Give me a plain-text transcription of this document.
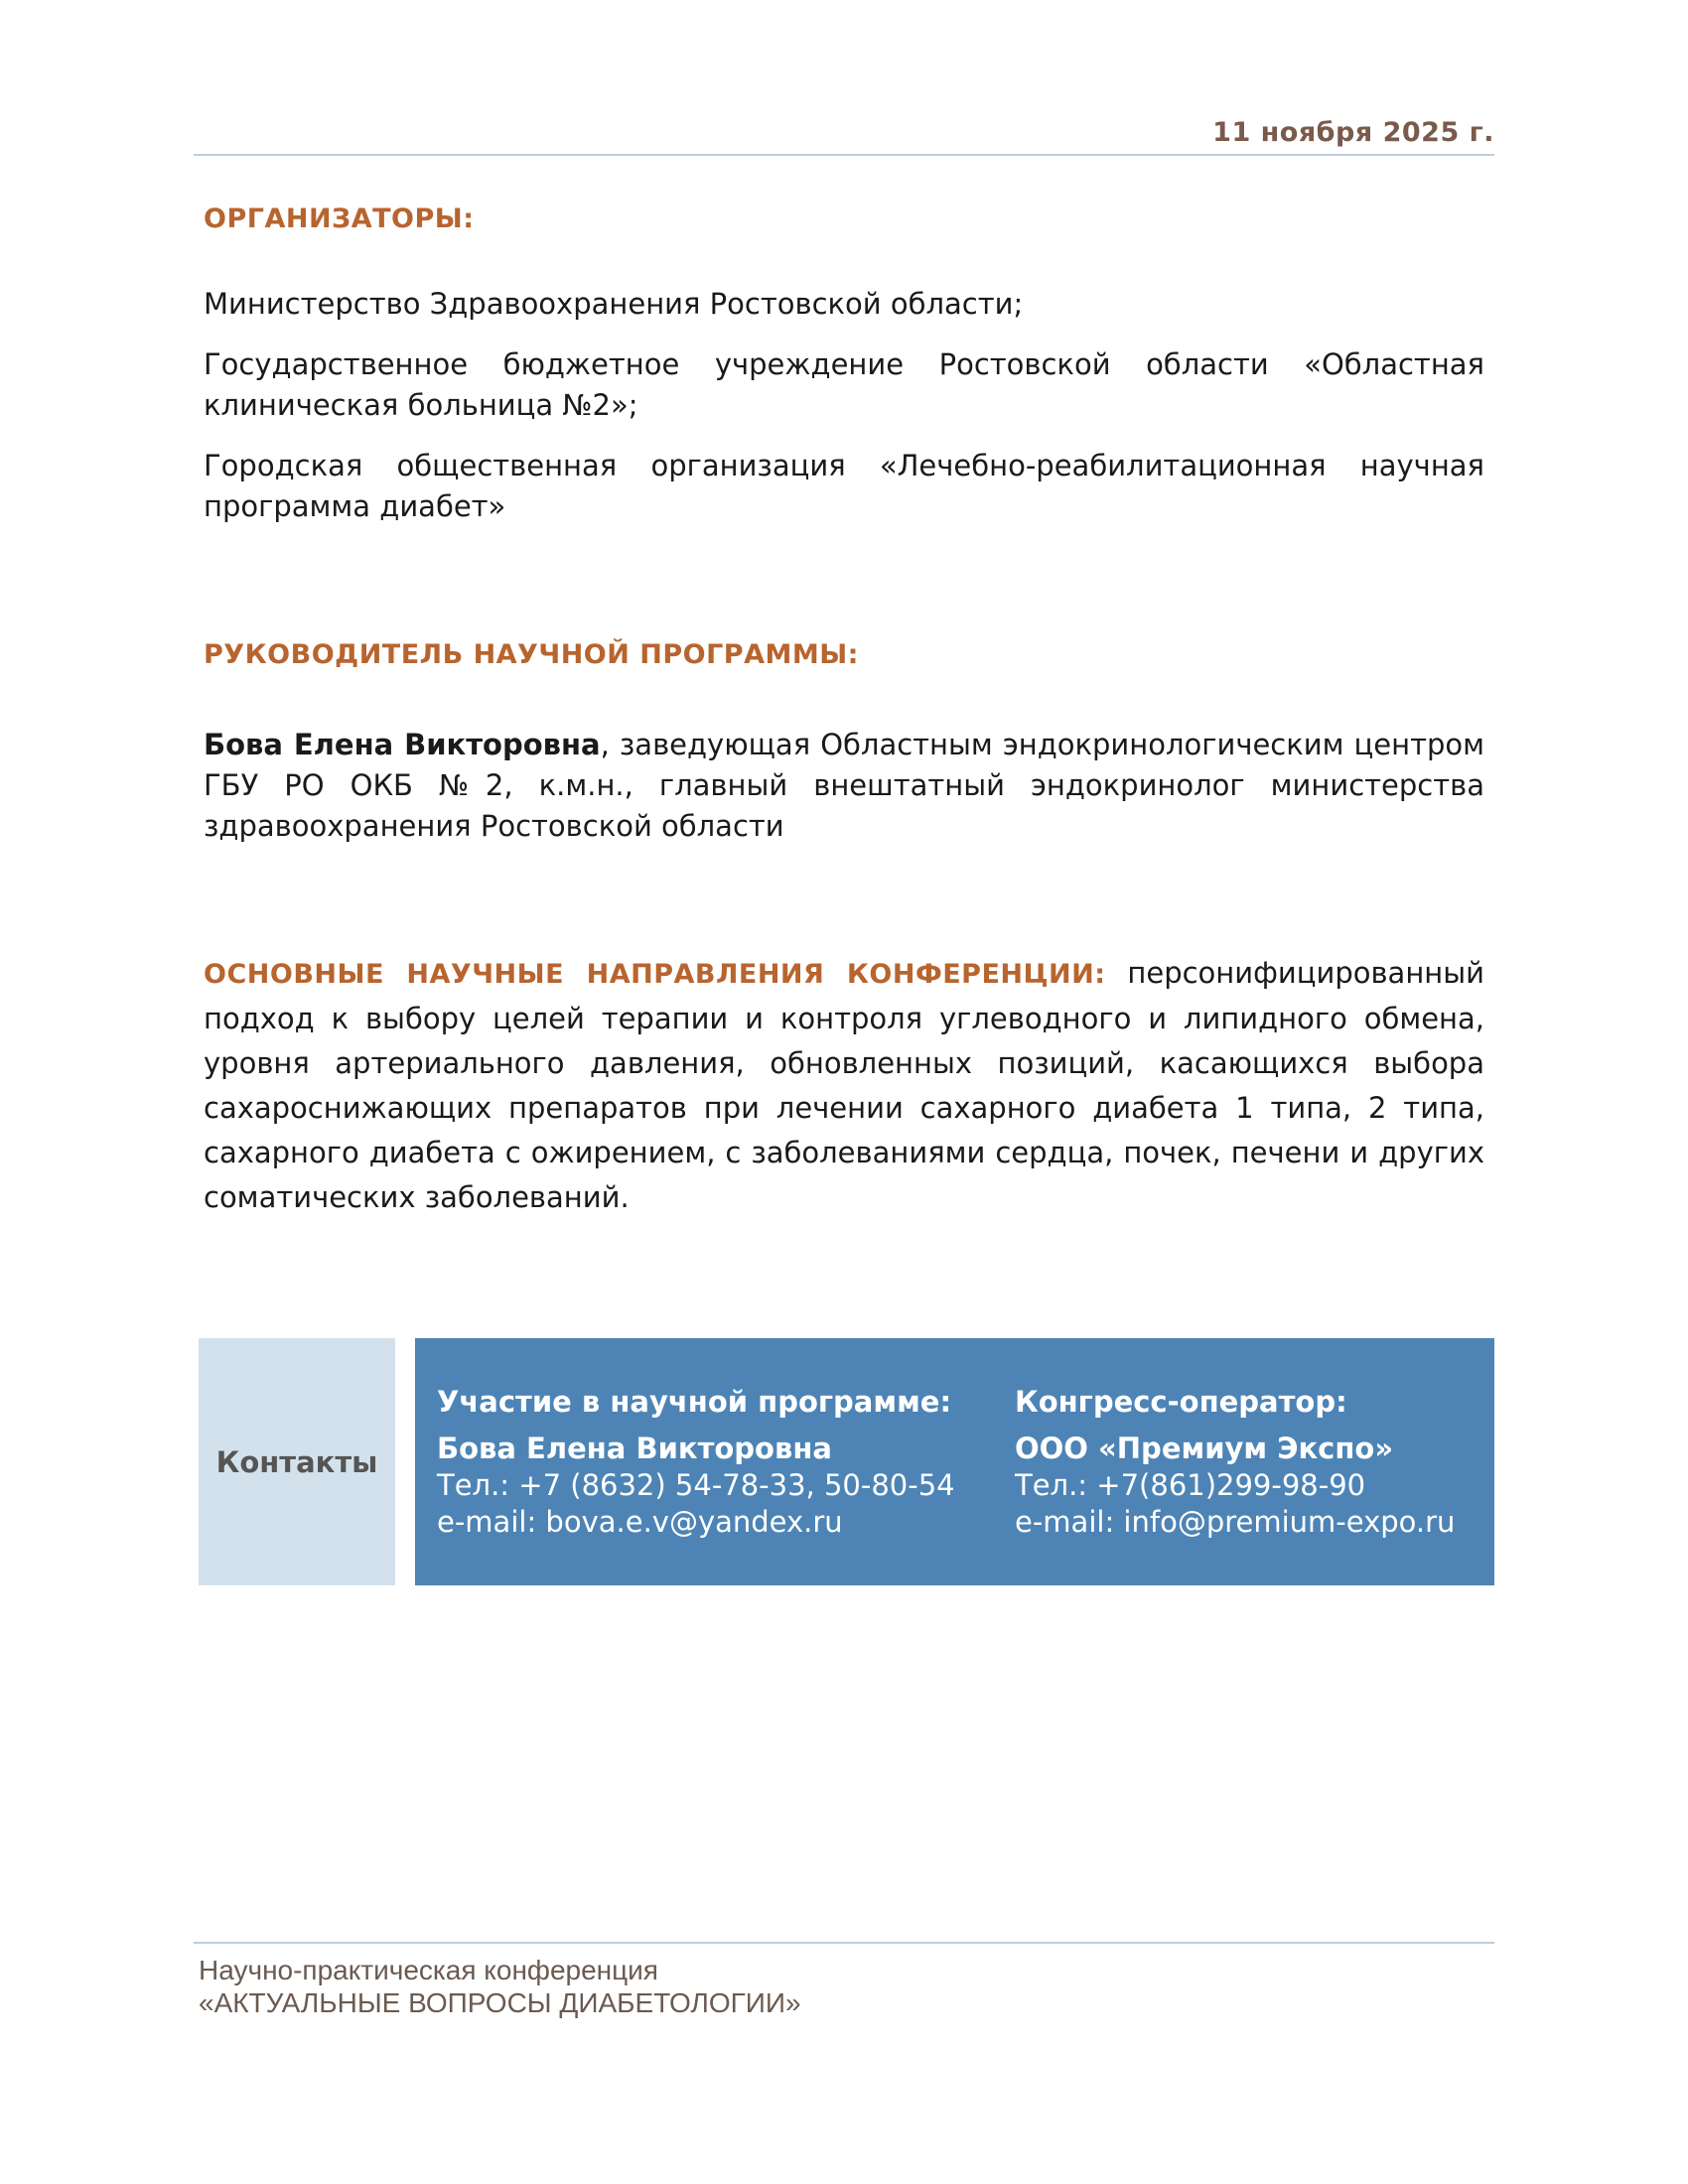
11 ноября 2025 г.
ОРГАНИЗАТОРЫ:

Министерство Здравоохранения Ростовской области;

Государственное бюджетное учреждение Ростовской области «Областная клиническая больница №2»;

Городская общественная организация «Лечебно-реабилитационная научная программа диабет»

РУКОВОДИТЕЛЬ НАУЧНОЙ ПРОГРАММЫ:

Бова Елена Викторовна, заведующая Областным эндокринологическим центром ГБУ РО ОКБ №2, к.м.н., главный внештатный эндокринолог министерства здравоохранения Ростовской области

ОСНОВНЫЕ НАУЧНЫЕ НАПРАВЛЕНИЯ КОНФЕРЕНЦИИ: персонифицированный подход к выбору целей терапии и контроля углеводного и липидного обмена, уровня артериального давления, обновленных позиций, касающихся выбора сахароснижающих препаратов при лечении сахарного диабета 1 типа, 2 типа, сахарного диабета с ожирением, с заболеваниями сердца, почек, печени и других соматических заболеваний.

Контакты
Участие в научной программе:
Бова Елена Викторовна
Тел.: +7 (8632) 54-78-33, 50-80-54
e-mail: bova.e.v@yandex.ru
Конгресс-оператор:
ООО «Премиум Экспо»
Тел.: +7(861)299-98-90
e-mail: info@premium-expo.ru
Научно-практическая конференция
«АКТУАЛЬНЫЕ ВОПРОСЫ ДИАБЕТОЛОГИИ»
